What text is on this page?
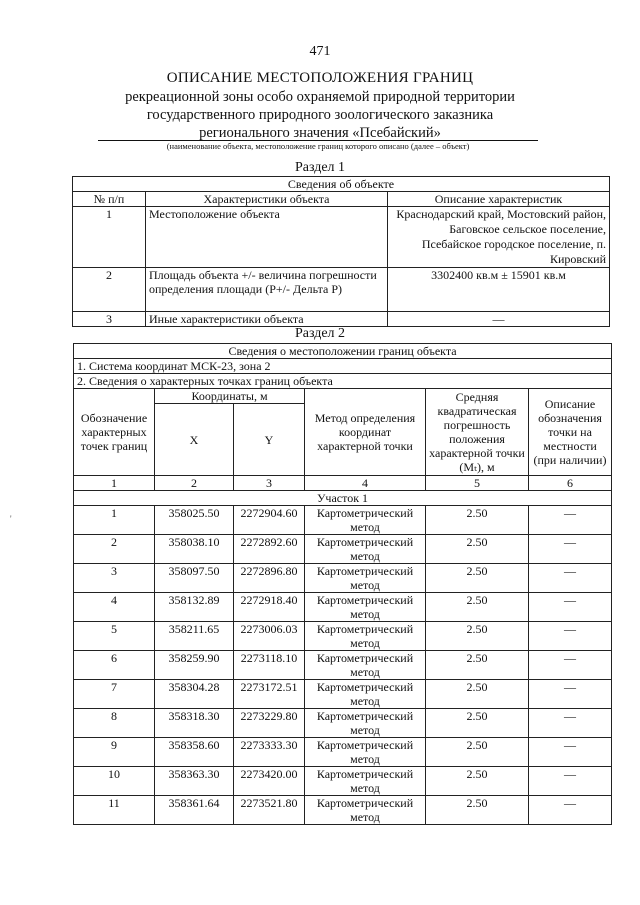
471
ОПИСАНИЕ МЕСТОПОЛОЖЕНИЯ ГРАНИЦ
рекреационной зоны особо охраняемой природной территории
государственного природного зоологического заказника
регионального значения «Псебайский»
(наименование объекта, местоположение границ которого описано (далее – объект)
Раздел 1
Сведения об объекте		
№ п/п	Характеристики объекта	Описание характеристик
1	Местоположение объекта	Краснодарский край, Мостовский район, Баговское сельское поселение, Псебайское городское поселение, п. Кировский
2	Площадь объекта +/- величина погрешности определения площади (Р+/- Дельта Р)	3302400 кв.м ± 15901 кв.м
3	Иные характеристики объекта	—
Раздел 2
Сведения о местоположении границ объекта					
1. Система координат МСК-23, зона 2					
2. Сведения о характерных точках границ объекта					
Обозначение характерных точек границ	Координаты, м		Метод определения координат характерной точки	Средняя квадратическая погрешность положения характерной точки (Mₜ), м	Описание обозначения точки на местности (при наличии)
	X	Y			
1	2	3	4	5	6
Участок 1					
1	358025.50	2272904.60	Картометрический метод	2.50	—
2	358038.10	2272892.60	Картометрический метод	2.50	—
3	358097.50	2272896.80	Картометрический метод	2.50	—
4	358132.89	2272918.40	Картометрический метод	2.50	—
5	358211.65	2273006.03	Картометрический метод	2.50	—
6	358259.90	2273118.10	Картометрический метод	2.50	—
7	358304.28	2273172.51	Картометрический метод	2.50	—
8	358318.30	2273229.80	Картометрический метод	2.50	—
9	358358.60	2273333.30	Картометрический метод	2.50	—
10	358363.30	2273420.00	Картометрический метод	2.50	—
11	358361.64	2273521.80	Картометрический метод	2.50	—
'
